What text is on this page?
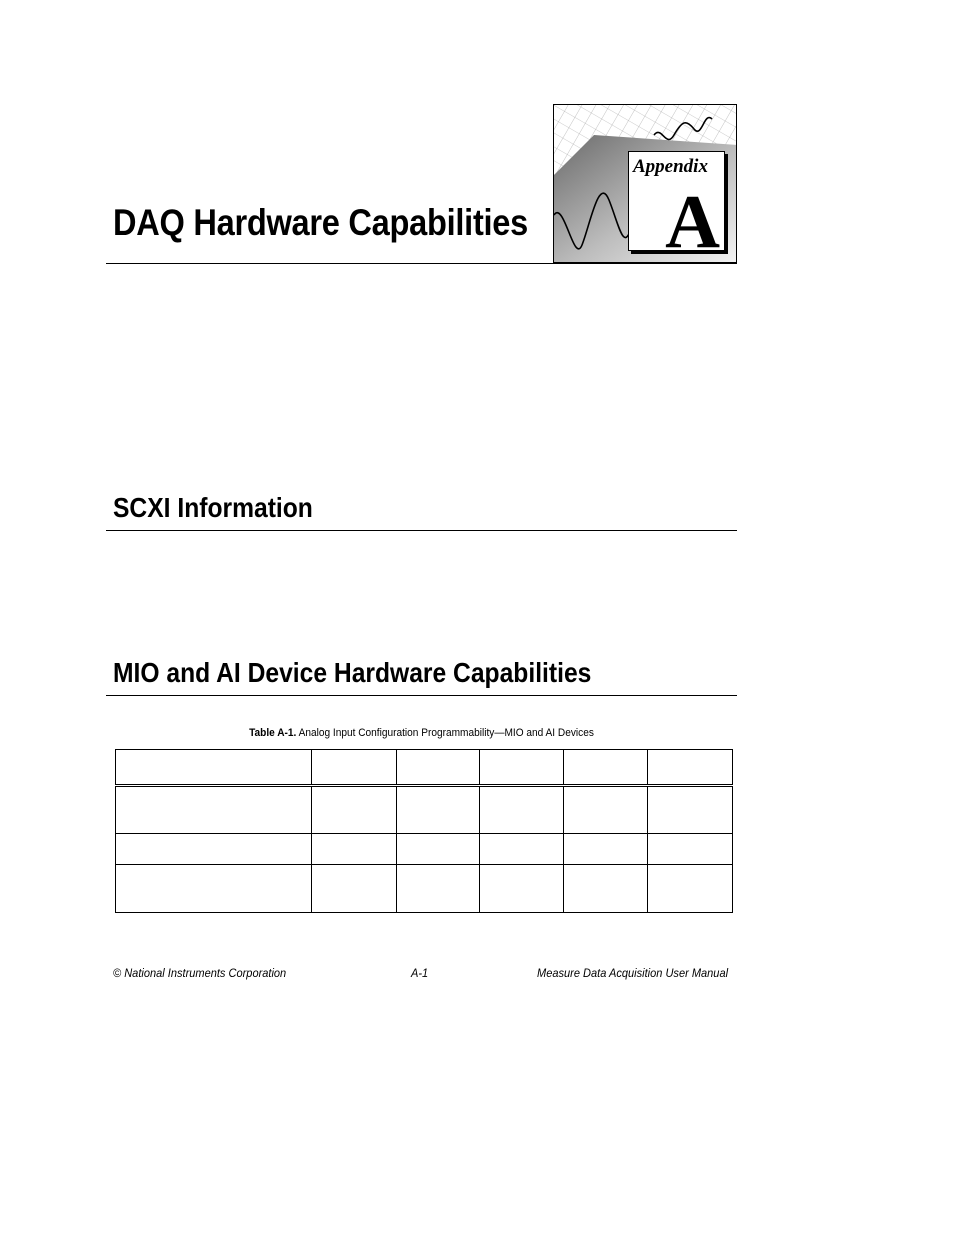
DAQ Hardware Capabilities
Appendix
A
SCXI Information
MIO and AI Device Hardware Capabilities
Table A-1. Analog Input Configuration Programmability—MIO and AI Devices

© National Instruments Corporation	A-1	Measure Data Acquisition User Manual
